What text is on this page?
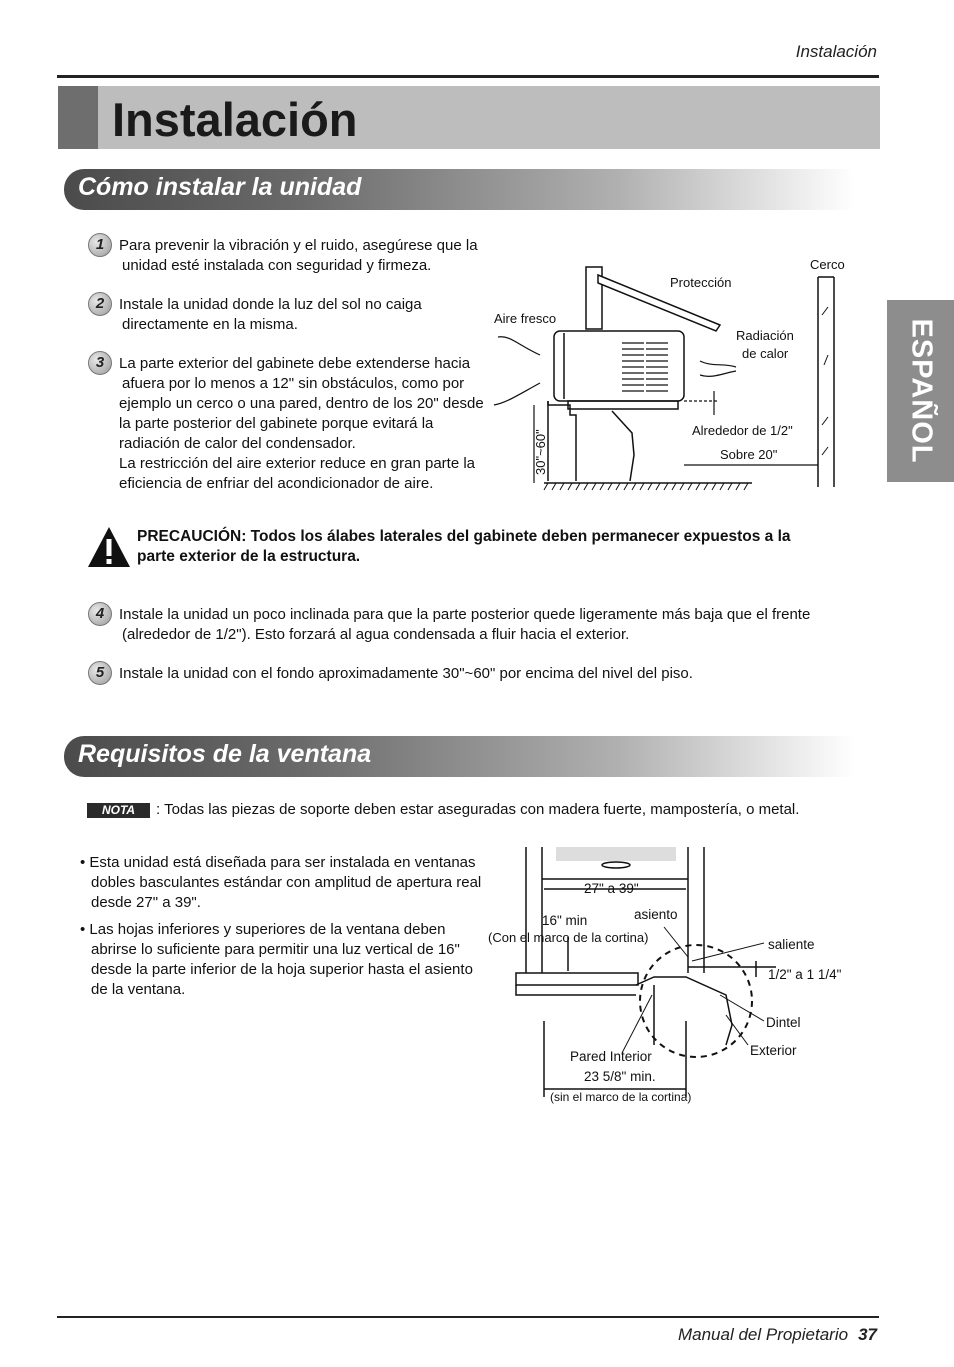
Instalación
Instalación
ESPAÑOL
Cómo instalar la unidad
1 Para prevenir la vibración y el ruido, asegúrese que la
unidad esté instalada con seguridad y firmeza.
2 Instale la unidad donde la luz del sol no caiga
directamente en la misma.
3 La parte exterior del gabinete debe extenderse hacia
afuera por lo menos a 12" sin obstáculos, como por
ejemplo un cerco o una pared, dentro de los 20" desde
la parte posterior del gabinete porque evitará la
radiación de calor del condensador.
La restricción del aire exterior reduce en gran parte la
eficiencia de enfriar del acondicionador de aire.
Cerco
Protección
Aire fresco
Radiación
de calor
Alrededor de 1/2"
Sobre 20"
30"~60"
PRECAUCIÓN: Todos los álabes laterales del gabinete deben permanecer expuestos a la
parte exterior de la estructura.
4 Instale la unidad un poco inclinada para que la parte posterior quede ligeramente más baja que el frente
(alrededor de 1/2"). Esto forzará al agua condensada a fluir hacia el exterior.
5 Instale la unidad con el fondo aproximadamente 30"~60" por encima del nivel del piso.
Requisitos de la ventana
NOTA	: Todas las piezas de soporte deben estar aseguradas con madera fuerte, mampostería, o metal.
• Esta unidad está diseñada para ser instalada en ventanas
dobles basculantes estándar con amplitud de apertura real
desde 27" a 39".
• Las hojas inferiores y superiores de la ventana deben
abrirse lo suficiente para permitir una luz vertical de 16"
desde la parte inferior de la hoja superior hasta el asiento
de la ventana.
27" a 39"
16" min
(Con el marco de la cortina)
asiento
saliente
1/2" a 1 1/4"
Dintel
Pared Interior
23 5/8" min.
(sin el marco de la cortina)
Exterior
Manual del Propietario 37
